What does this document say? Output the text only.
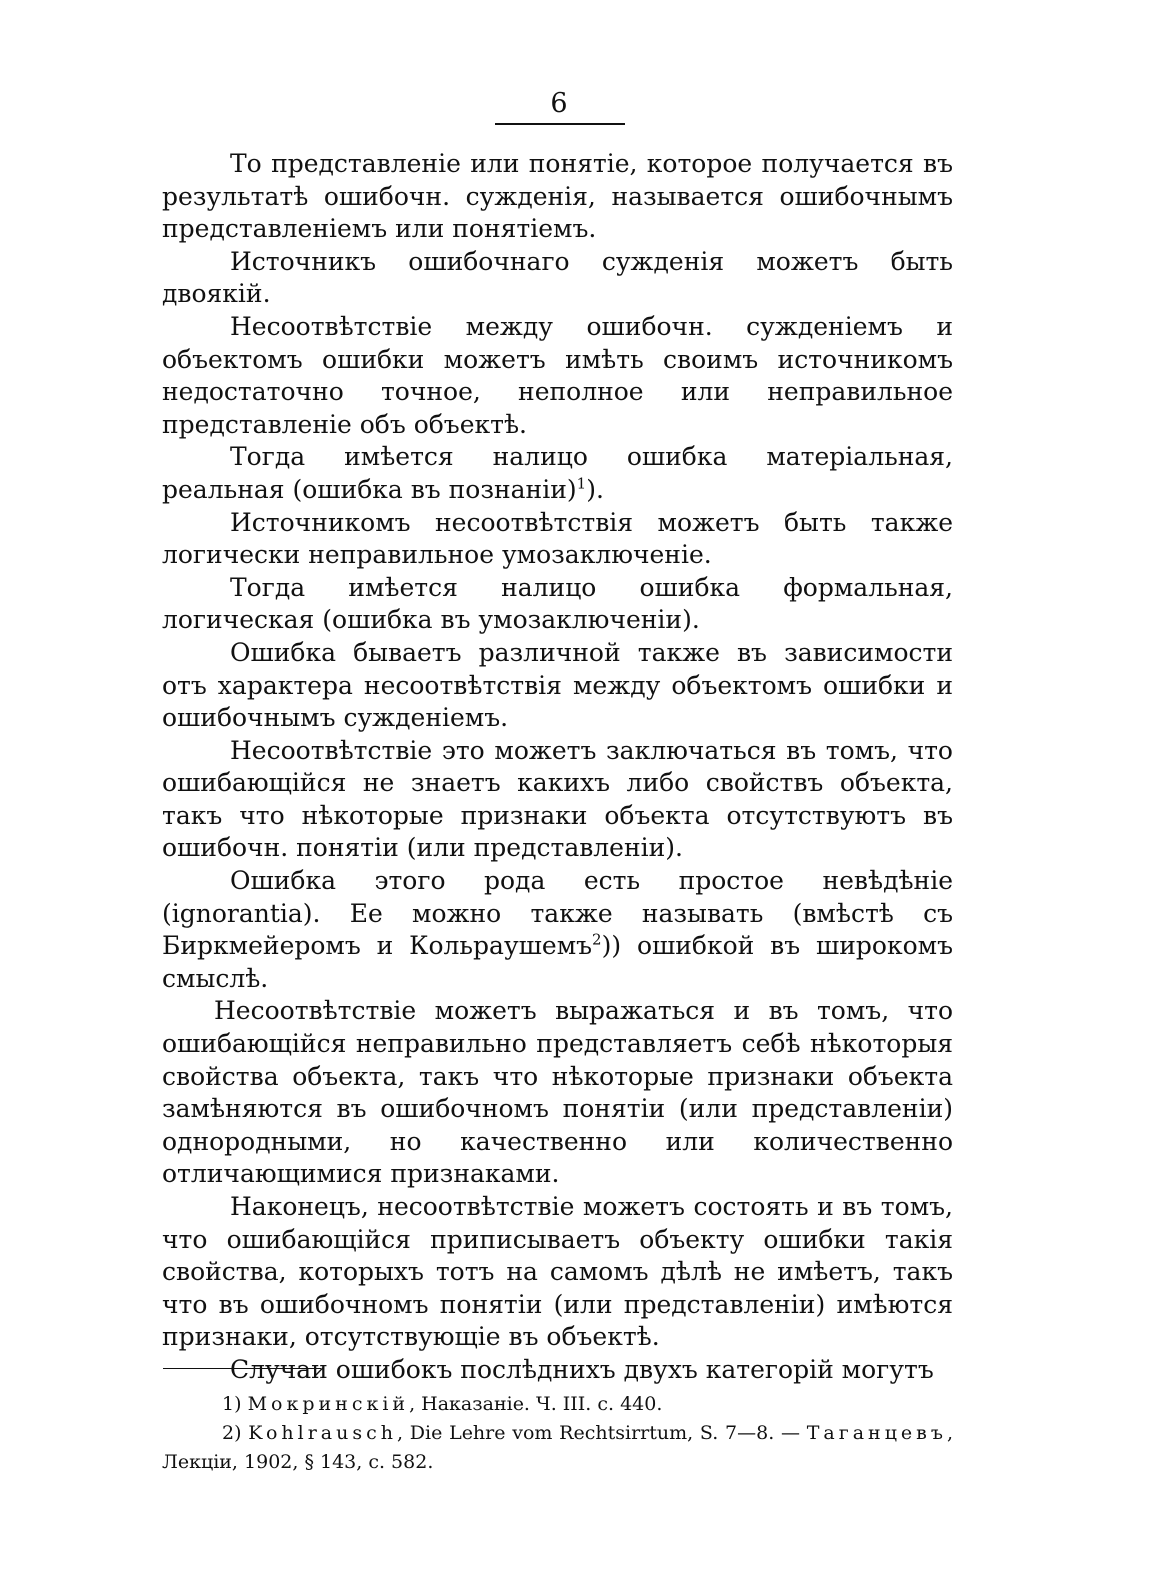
6

То представленіе или понятіе, которое получается въ результатѣ ошибочн. сужденія, называется ошибочнымъ представленіемъ или понятіемъ.

Источникъ ошибочнаго сужденія можетъ быть двоякій.

Несоотвѣтствіе между ошибочн. сужденіемъ и объектомъ ошибки можетъ имѣть своимъ источникомъ недостаточно точное, неполное или неправильное представленіе объ объектѣ.

Тогда имѣется налицо ошибка матеріальная, реальная (ошибка въ познаніи)$^1$).

Источникомъ несоотвѣтствія можетъ быть также логически неправильное умозаключеніе.

Тогда имѣется налицо ошибка формальная, логическая (ошибка въ умозаключеніи).

Ошибка бываетъ различной также въ зависимости отъ характера несоотвѣтствія между объектомъ ошибки и ошибочнымъ сужденіемъ.

Несоотвѣтствіе это можетъ заключаться въ томъ, что ошибающійся не знаетъ какихъ либо свойствъ объекта, такъ что нѣкоторые признаки объекта отсутствуютъ въ ошибочн. понятіи (или представленіи).

Ошибка этого рода есть простое невѣдѣніе (ignorantia). Ее можно также называть (вмѣстѣ съ Биркмейеромъ и Кольраушемъ$^2$)) ошибкой въ широкомъ смыслѣ.

Несоотвѣтствіе можетъ выражаться и въ томъ, что ошибающійся неправильно представляетъ себѣ нѣкоторыя свойства объекта, такъ что нѣкоторые признаки объекта замѣняются въ ошибочномъ понятіи (или представленіи) однородными, но качественно или количественно отличающимися признаками.

Наконецъ, несоотвѣтствіе можетъ состоять и въ томъ, что ошибающійся приписываетъ объекту ошибки такія свойства, которыхъ тотъ на самомъ дѣлѣ не имѣетъ, такъ что въ ошибочномъ понятіи (или представленіи) имѣются признаки, отсутствующіе въ объектѣ.

Случаи ошибокъ послѣднихъ двухъ категорій могутъ

1) Мокринскій, Наказаніе. Ч. III. с. 440.

2) Kohlrausch, Die Lehre vom Rechtsirrtum, S. 7—8. — Таганцевъ, Лекціи, 1902, § 143, с. 582.
